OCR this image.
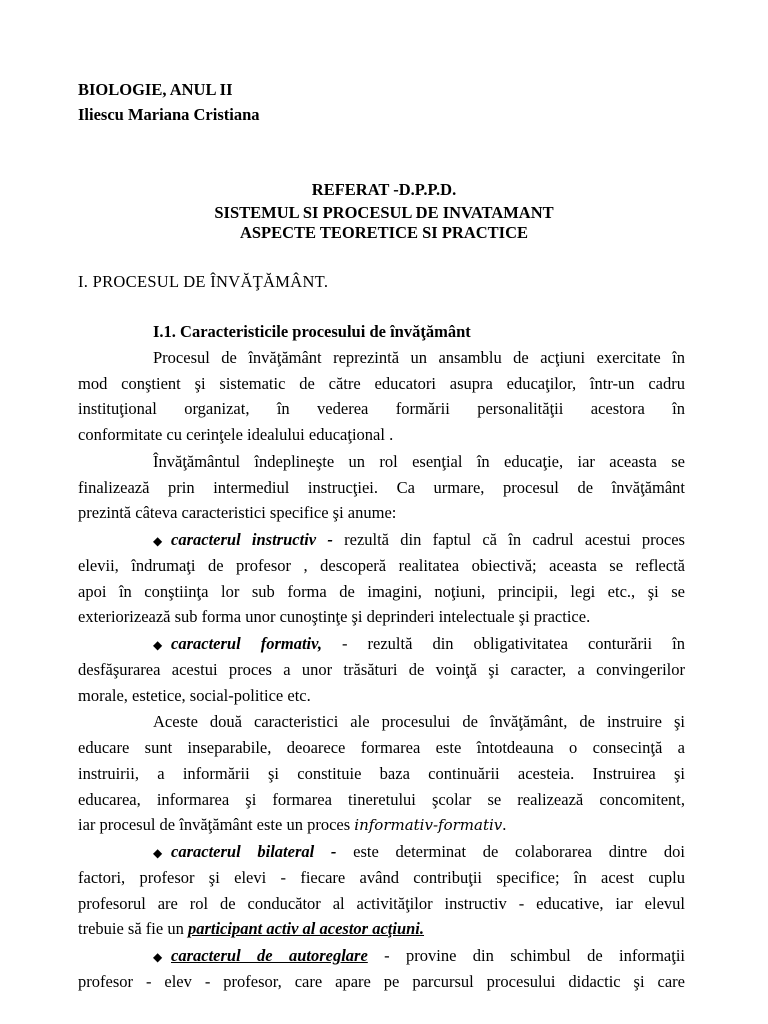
BIOLOGIE, ANUL II
Iliescu Mariana Cristiana
REFERAT -D.P.P.D.
SISTEMUL SI PROCESUL DE INVATAMANT
ASPECTE TEORETICE SI PRACTICE
I. PROCESUL DE ÎNVĂŢĂMÂNT.
I.1. Caracteristicile procesului de învăţământ
Procesul de învăţământ reprezintă un ansamblu de acţiuni exercitate în
mod conştient şi sistematic de către educatori asupra educaţilor, într-un cadru
instituţional organizat, în vederea formării personalităţii acestora în
conformitate cu cerinţele idealului educaţional .
Învăţământul îndeplineşte un rol esenţial în educaţie, iar aceasta se
finalizează prin intermediul instrucţiei. Ca urmare, procesul de învăţământ
prezintă câteva caracteristici specifice şi anume:
◆ caracterul instructiv - rezultă din faptul că în cadrul acestui proces
elevii, îndrumaţi de profesor , descoperă realitatea obiectivă; aceasta se reflectă
apoi în conştiinţa lor sub forma de imagini, noţiuni, principii, legi etc., şi se
exteriorizează sub forma unor cunoştinţe şi deprinderi intelectuale şi practice.
◆ caracterul formativ, - rezultă din obligativitatea conturării în
desfăşurarea acestui proces a unor trăsături de voinţă şi caracter, a convingerilor
morale, estetice, social-politice etc.
Aceste două caracteristici ale procesului de învăţământ, de instruire şi
educare sunt inseparabile, deoarece formarea este întotdeauna o consecinţă a
instruirii, a informării şi constituie baza continuării acesteia. Instruirea şi
educarea, informarea şi formarea tineretului şcolar se realizează concomitent,
iar procesul de învăţământ este un proces informativ-formativ.
◆ caracterul bilateral - este determinat de colaborarea dintre doi
factori, profesor şi elevi - fiecare având contribuţii specifice; în acest cuplu
profesorul are rol de conducător al activităţilor instructiv - educative, iar elevul
trebuie să fie un participant activ al acestor acţiuni.
◆ caracterul de autoreglare - provine din schimbul de informaţii
profesor - elev - profesor, care apare pe parcursul procesului didactic şi care
